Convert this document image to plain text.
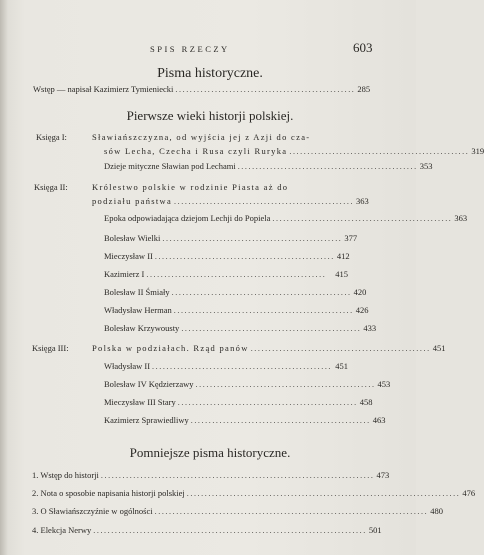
SPIS RZECZY	603
Pisma historyczne.
Wstęp — napisał Kazimierz Tymieniecki .................................................. 285
Pierwsze wieki historji polskiej.
Księga I:	Sławiańszczyzna, od wyjścia jej z Azji do cza-
sów Lecha, Czecha i Rusa czyli Ruryka .................................................. 319
Dzieje mityczne Sławian pod Lechami .................................................. 353
Księga II:	Królestwo polskie w rodzinie Piasta aż do
podziału państwa .................................................. 363
Epoka odpowiadająca dziejom Lechji do Popiela .................................................. 363
Bolesław Wielki .................................................. 377
Mieczysław II .................................................. 412
Kazimierz I ..................................................	415
Bolesław II Śmiały .................................................. 420
Władysław Herman .................................................. 426
Bolesław Krzywousty .................................................. 433
Księga III:	Polska w podziałach. Rząd panów .................................................. 451
Władysław II .................................................. 451
Bolesław IV Kędzierzawy .................................................. 453
Mieczysław III Stary .................................................. 458
Kazimierz Sprawiedliwy .................................................. 463
Pomniejsze pisma historyczne.
1. Wstęp do historji ............................................................................ 473
2. Nota o sposobie napisania historji polskiej ............................................................................ 476
3. O Sławiańszczyźnie w ogólności ............................................................................ 480
4. Elekcja Nerwy ............................................................................ 501
